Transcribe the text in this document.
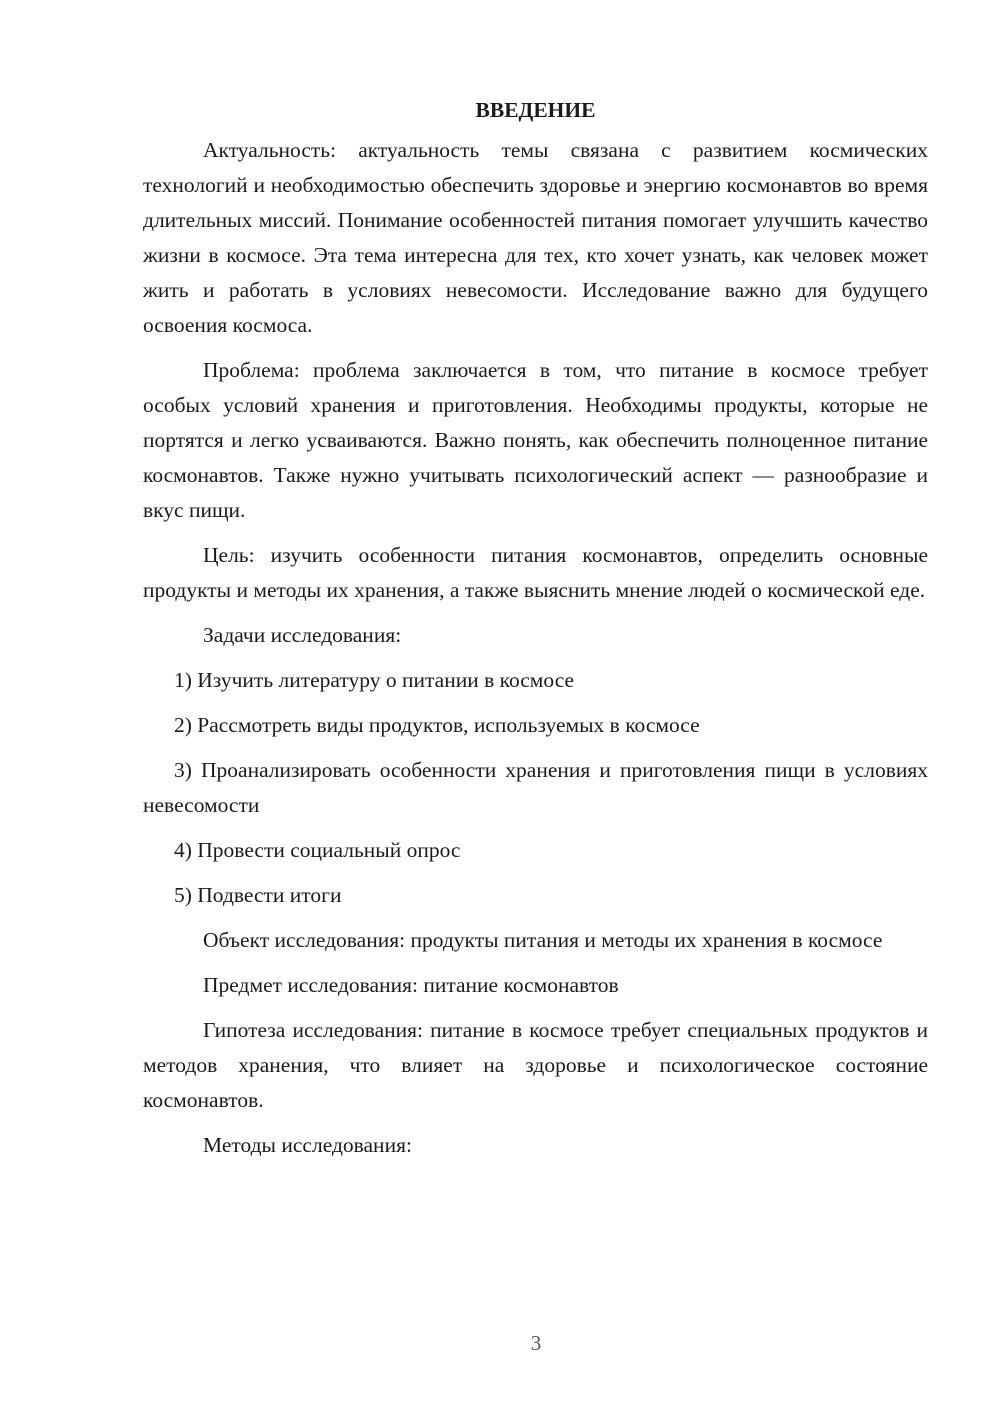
ВВЕДЕНИЕ

Актуальность: актуальность темы связана с развитием космических технологий и необходимостью обеспечить здоровье и энергию космонавтов во время длительных миссий. Понимание особенностей питания помогает улучшить качество жизни в космосе. Эта тема интересна для тех, кто хочет узнать, как человек может жить и работать в условиях невесомости. Исследование важно для будущего освоения космоса.

Проблема: проблема заключается в том, что питание в космосе требует особых условий хранения и приготовления. Необходимы продукты, которые не портятся и легко усваиваются. Важно понять, как обеспечить полноценное питание космонавтов. Также нужно учитывать психологический аспект — разнообразие и вкус пищи.

Цель: изучить особенности питания космонавтов, определить основные продукты и методы их хранения, а также выяснить мнение людей о космической еде.

Задачи исследования:

1) Изучить литературу о питании в космосе

2) Рассмотреть виды продуктов, используемых в космосе

3) Проанализировать особенности хранения и приготовления пищи в условиях невесомости

4) Провести социальный опрос

5) Подвести итоги

Объект исследования: продукты питания и методы их хранения в космосе

Предмет исследования: питание космонавтов

Гипотеза исследования: питание в космосе требует специальных продуктов и методов хранения, что влияет на здоровье и психологическое состояние космонавтов.

Методы исследования:

3
